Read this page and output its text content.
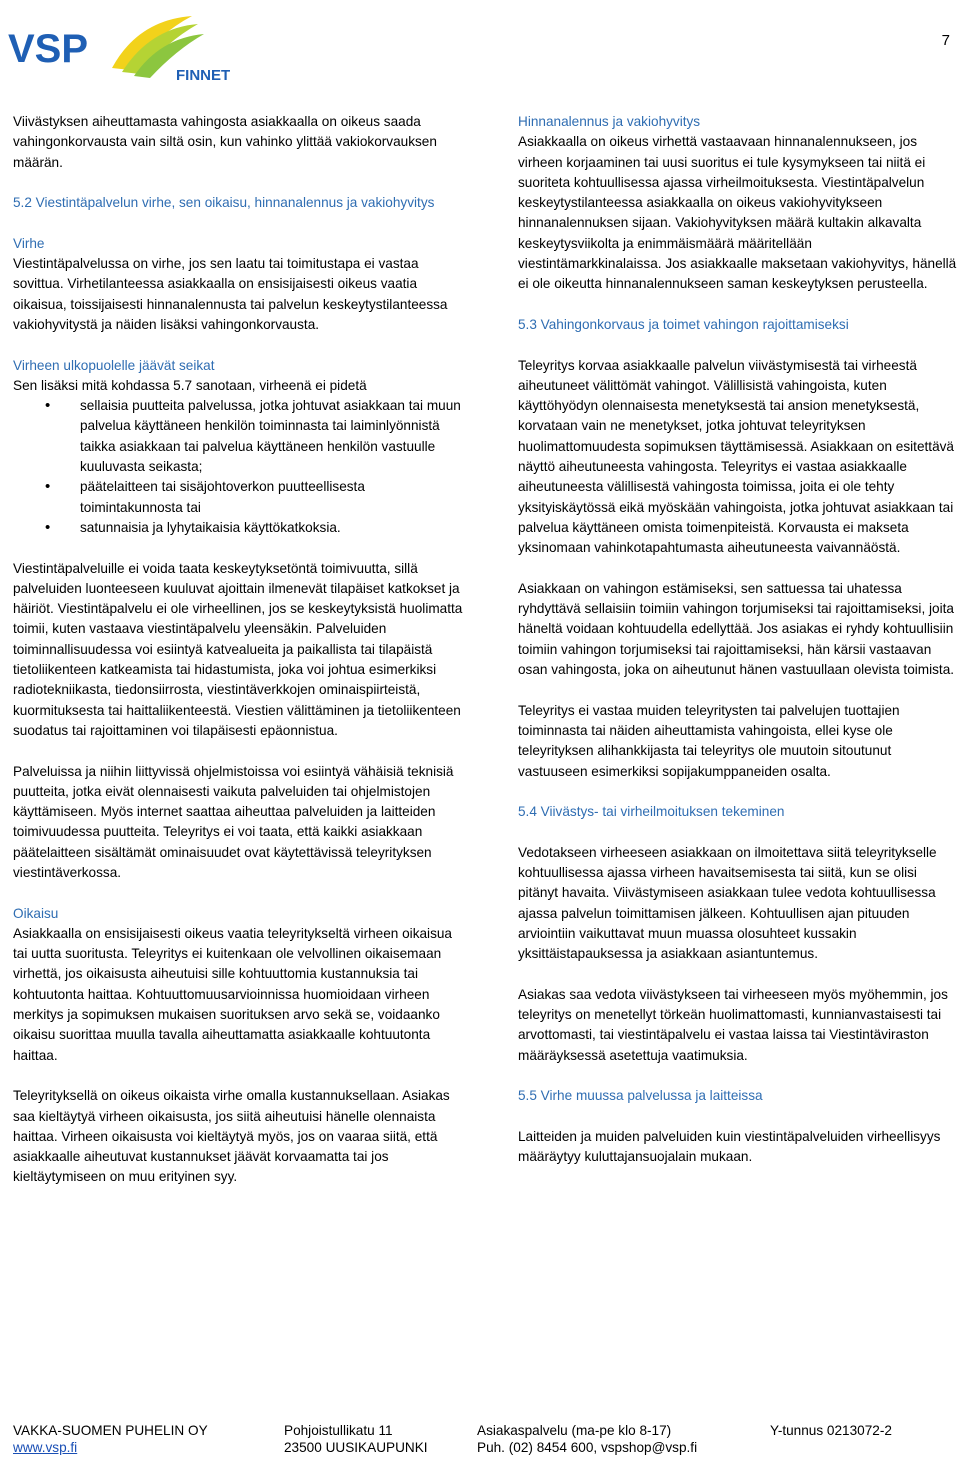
VSP
FINNET
7

Viivästyksen aiheuttamasta vahingosta asiakkaalla on oikeus saada vahingonkorvausta vain siltä osin, kun vahinko ylittää vakiokorvauksen määrän.

5.2 Viestintäpalvelun virhe, sen oikaisu, hinnanalennus ja vakiohyvitys

Virhe

Viestintäpalvelussa on virhe, jos sen laatu tai toimitustapa ei vastaa sovittua. Virhetilanteessa asiakkaalla on ensisijaisesti oikeus vaatia oikaisua, toissijaisesti hinnanalennusta tai palvelun keskeytystilanteessa vakiohyvitystä ja näiden lisäksi vahingonkorvausta.

Virheen ulkopuolelle jäävät seikat
Sen lisäksi mitä kohdassa 5.7 sanotaan, virheenä ei pidetä
• sellaisia puutteita palvelussa, jotka johtuvat asiakkaan tai muun palvelua käyttäneen henkilön toiminnasta tai laiminlyönnistä taikka asiakkaan tai palvelua käyttäneen henkilön vastuulle kuuluvasta seikasta;
• päätelaitteen tai sisäjohtoverkon puutteellisesta toimintakunnosta tai
• satunnaisia ja lyhytaikaisia käyttökatkoksia.

Viestintäpalveluille ei voida taata keskeytyksetöntä toimivuutta, sillä palveluiden luonteeseen kuuluvat ajoittain ilmenevät tilapäiset katkokset ja häiriöt. Viestintäpalvelu ei ole virheellinen, jos se keskeytyksistä huolimatta toimii, kuten vastaava viestintäpalvelu yleensäkin. Palveluiden toiminnallisuudessa voi esiintyä katvealueita ja paikallista tai tilapäistä tietoliikenteen katkeamista tai hidastumista, joka voi johtua esimerkiksi radiotekniikasta, tiedonsiirrosta, viestintäverkkojen ominaispiirteistä, kuormituksesta tai haittaliikenteestä. Viestien välittäminen ja tietoliikenteen suodatus tai rajoittaminen voi tilapäisesti epäonnistua.

Palveluissa ja niihin liittyvissä ohjelmistoissa voi esiintyä vähäisiä teknisiä puutteita, jotka eivät olennaisesti vaikuta palveluiden tai ohjelmistojen käyttämiseen. Myös internet saattaa aiheuttaa palveluiden ja laitteiden toimivuudessa puutteita. Teleyritys ei voi taata, että kaikki asiakkaan päätelaitteen sisältämät ominaisuudet ovat käytettävissä teleyrityksen viestintäverkossa.

Oikaisu

Asiakkaalla on ensisijaisesti oikeus vaatia teleyritykseltä virheen oikaisua tai uutta suoritusta. Teleyritys ei kuitenkaan ole velvollinen oikaisemaan virhettä, jos oikaisusta aiheutuisi sille kohtuuttomia kustannuksia tai kohtuutonta haittaa. Kohtuuttomuusarvioinnissa huomioidaan virheen merkitys ja sopimuksen mukaisen suorituksen arvo sekä se, voidaanko oikaisu suorittaa muulla tavalla aiheuttamatta asiakkaalle kohtuutonta haittaa.

Teleyrityksellä on oikeus oikaista virhe omalla kustannuksellaan. Asiakas saa kieltäytyä virheen oikaisusta, jos siitä aiheutuisi hänelle olennaista haittaa. Virheen oikaisusta voi kieltäytyä myös, jos on vaaraa siitä, että asiakkaalle aiheutuvat kustannukset jäävät korvaamatta tai jos kieltäytymiseen on muu erityinen syy.

Hinnanalennus ja vakiohyvitys

Asiakkaalla on oikeus virhettä vastaavaan hinnanalennukseen, jos virheen korjaaminen tai uusi suoritus ei tule kysymykseen tai niitä ei suoriteta kohtuullisessa ajassa virheilmoituksesta. Viestintäpalvelun keskeytystilanteessa asiakkaalla on oikeus vakiohyvitykseen hinnanalennuksen sijaan. Vakiohyvityksen määrä kultakin alkavalta keskeytysviikolta ja enimmäismäärä määritellään viestintämarkkinalaissa. Jos asiakkaalle maksetaan vakiohyvitys, hänellä ei ole oikeutta hinnanalennukseen saman keskeytyksen perusteella.

5.3 Vahingonkorvaus ja toimet vahingon rajoittamiseksi

Teleyritys korvaa asiakkaalle palvelun viivästymisestä tai virheestä aiheutuneet välittömät vahingot. Välillisistä vahingoista, kuten käyttöhyödyn olennaisesta menetyksestä tai ansion menetyksestä, korvataan vain ne menetykset, jotka johtuvat teleyrityksen huolimattomuudesta sopimuksen täyttämisessä. Asiakkaan on esitettävä näyttö aiheutuneesta vahingosta. Teleyritys ei vastaa asiakkaalle aiheutuneesta välillisestä vahingosta toimissa, joita ei ole tehty yksityiskäytössä eikä myöskään vahingoista, jotka johtuvat asiakkaan tai palvelua käyttäneen omista toimenpiteistä. Korvausta ei makseta yksinomaan vahinkotapahtumasta aiheutuneesta vaivannäöstä.

Asiakkaan on vahingon estämiseksi, sen sattuessa tai uhatessa ryhdyttävä sellaisiin toimiin vahingon torjumiseksi tai rajoittamiseksi, joita häneltä voidaan kohtuudella edellyttää. Jos asiakas ei ryhdy kohtuullisiin toimiin vahingon torjumiseksi tai rajoittamiseksi, hän kärsii vastaavan osan vahingosta, joka on aiheutunut hänen vastuullaan olevista toimista.

Teleyritys ei vastaa muiden teleyritysten tai palvelujen tuottajien toiminnasta tai näiden aiheuttamista vahingoista, ellei kyse ole teleyrityksen alihankkijasta tai teleyritys ole muutoin sitoutunut vastuuseen esimerkiksi sopijakumppaneiden osalta.

5.4 Viivästys- tai virheilmoituksen tekeminen

Vedotakseen virheeseen asiakkaan on ilmoitettava siitä teleyritykselle kohtuullisessa ajassa virheen havaitsemisesta tai siitä, kun se olisi pitänyt havaita. Viivästymiseen asiakkaan tulee vedota kohtuullisessa ajassa palvelun toimittamisen jälkeen. Kohtuullisen ajan pituuden arviointiin vaikuttavat muun muassa olosuhteet kussakin yksittäistapauksessa ja asiakkaan asiantuntemus.

Asiakas saa vedota viivästykseen tai virheeseen myös myöhemmin, jos teleyritys on menetellyt törkeän huolimattomasti, kunnianvastaisesti tai arvottomasti, tai viestintäpalvelu ei vastaa laissa tai Viestintäviraston määräyksessä asetettuja vaatimuksia.

5.5 Virhe muussa palvelussa ja laitteissa

Laitteiden ja muiden palveluiden kuin viestintäpalveluiden virheellisyys määräytyy kuluttajansuojalain mukaan.

VAKKA-SUOMEN PUHELIN OY
www.vsp.fi
Pohjoistullikatu 11
23500 UUSIKAUPUNKI
Asiakaspalvelu (ma-pe klo 8-17)
Puh. (02) 8454 600, vspshop@vsp.fi
Y-tunnus 0213072-2
